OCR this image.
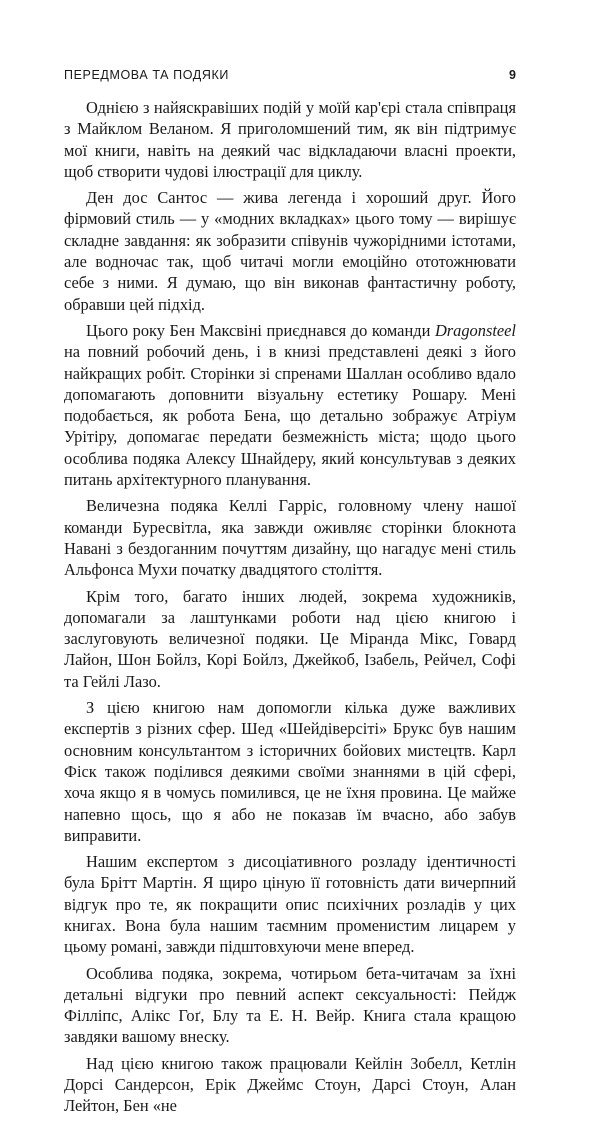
ПЕРЕДМОВА ТА ПОДЯКИ	9

Однією з найяскравіших подій у моїй кар'єрі стала співпраця з Майклом Веланом. Я приголомшений тим, як він підтримує мої книги, навіть на деякий час відкладаючи власні проекти, щоб створити чудові ілюстрації для циклу.

Ден дос Сантос — жива легенда і хороший друг. Його фірмовий стиль — у «модних вкладках» цього тому — вирішує складне завдання: як зобразити співунів чужорідними істотами, але водночас так, щоб читачі могли емоційно ототожнювати себе з ними. Я думаю, що він виконав фантастичну роботу, обравши цей підхід.

Цього року Бен Максвіні приєднався до команди Dragonsteel на повний робочий день, і в книзі представлені деякі з його найкращих робіт. Сторінки зі спренами Шаллан особливо вдало допомагають доповнити візуальну естетику Рошару. Мені подобається, як робота Бена, що детально зображує Атріум Урітіру, допомагає передати безмежність міста; щодо цього особлива подяка Алексу Шнайдеру, який консультував з деяких питань архітектурного планування.

Величезна подяка Келлі Гарріс, головному члену нашої команди Буресвітла, яка завжди оживляє сторінки блокнота Навані з бездоганним почуттям дизайну, що нагадує мені стиль Альфонса Мухи початку двадцятого століття.

Крім того, багато інших людей, зокрема художників, допомагали за лаштунками роботи над цією книгою і заслуговують величезної подяки. Це Міранда Мікс, Говард Лайон, Шон Бойлз, Корі Бойлз, Джейкоб, Ізабель, Рейчел, Софі та Гейлі Лазо.

З цією книгою нам допомогли кілька дуже важливих експертів з різних сфер. Шед «Шейдіверсіті» Брукс був нашим основним консультантом з історичних бойових мистецтв. Карл Фіск також поділився деякими своїми знаннями в цій сфері, хоча якщо я в чомусь помилився, це не їхня провина. Це майже напевно щось, що я або не показав їм вчасно, або забув виправити.

Нашим експертом з дисоціативного розладу ідентичності була Брітт Мартін. Я щиро ціную її готовність дати вичерпний відгук про те, як покращити опис психічних розладів у цих книгах. Вона була нашим таємним променистим лицарем у цьому романі, завжди підштовхуючи мене вперед.

Особлива подяка, зокрема, чотирьом бета-читачам за їхні детальні відгуки про певний аспект сексуальності: Пейдж Філліпс, Алікс Гоґ, Блу та Е. Н. Вейр. Книга стала кращою завдяки вашому внеску.

Над цією книгою також працювали Кейлін Зобелл, Кетлін Дорсі Сандерсон, Ерік Джеймс Стоун, Дарсі Стоун, Алан Лейтон, Бен «не
